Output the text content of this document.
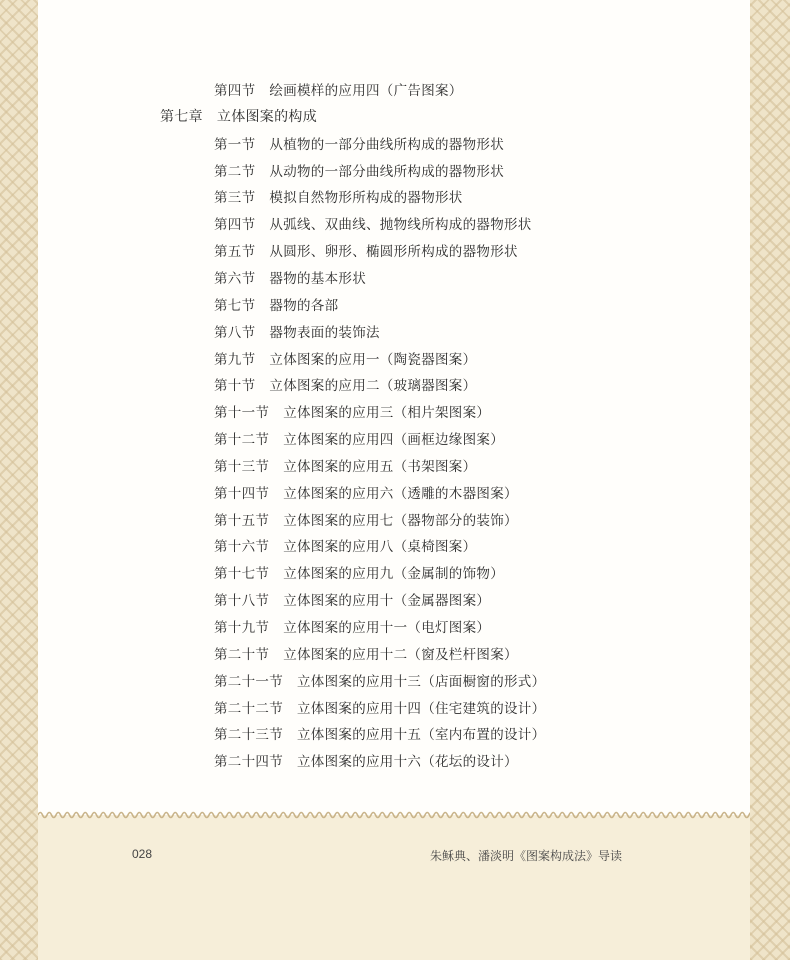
第四节 绘画模样的应用四（广告图案）
第七章 立体图案的构成
第一节 从植物的一部分曲线所构成的器物形状
第二节 从动物的一部分曲线所构成的器物形状
第三节 模拟自然物形所构成的器物形状
第四节 从弧线、双曲线、抛物线所构成的器物形状
第五节 从圆形、卵形、椭圆形所构成的器物形状
第六节 器物的基本形状
第七节 器物的各部
第八节 器物表面的装饰法
第九节 立体图案的应用一（陶瓷器图案）
第十节 立体图案的应用二（玻璃器图案）
第十一节 立体图案的应用三（相片架图案）
第十二节 立体图案的应用四（画框边缘图案）
第十三节 立体图案的应用五（书架图案）
第十四节 立体图案的应用六（透雕的木器图案）
第十五节 立体图案的应用七（器物部分的装饰）
第十六节 立体图案的应用八（桌椅图案）
第十七节 立体图案的应用九（金属制的饰物）
第十八节 立体图案的应用十（金属器图案）
第十九节 立体图案的应用十一（电灯图案）
第二十节 立体图案的应用十二（窗及栏杆图案）
第二十一节 立体图案的应用十三（店面橱窗的形式）
第二十二节 立体图案的应用十四（住宅建筑的设计）
第二十三节 立体图案的应用十五（室内布置的设计）
第二十四节 立体图案的应用十六（花坛的设计）
028	朱稣典、潘淡明《图案构成法》导读
